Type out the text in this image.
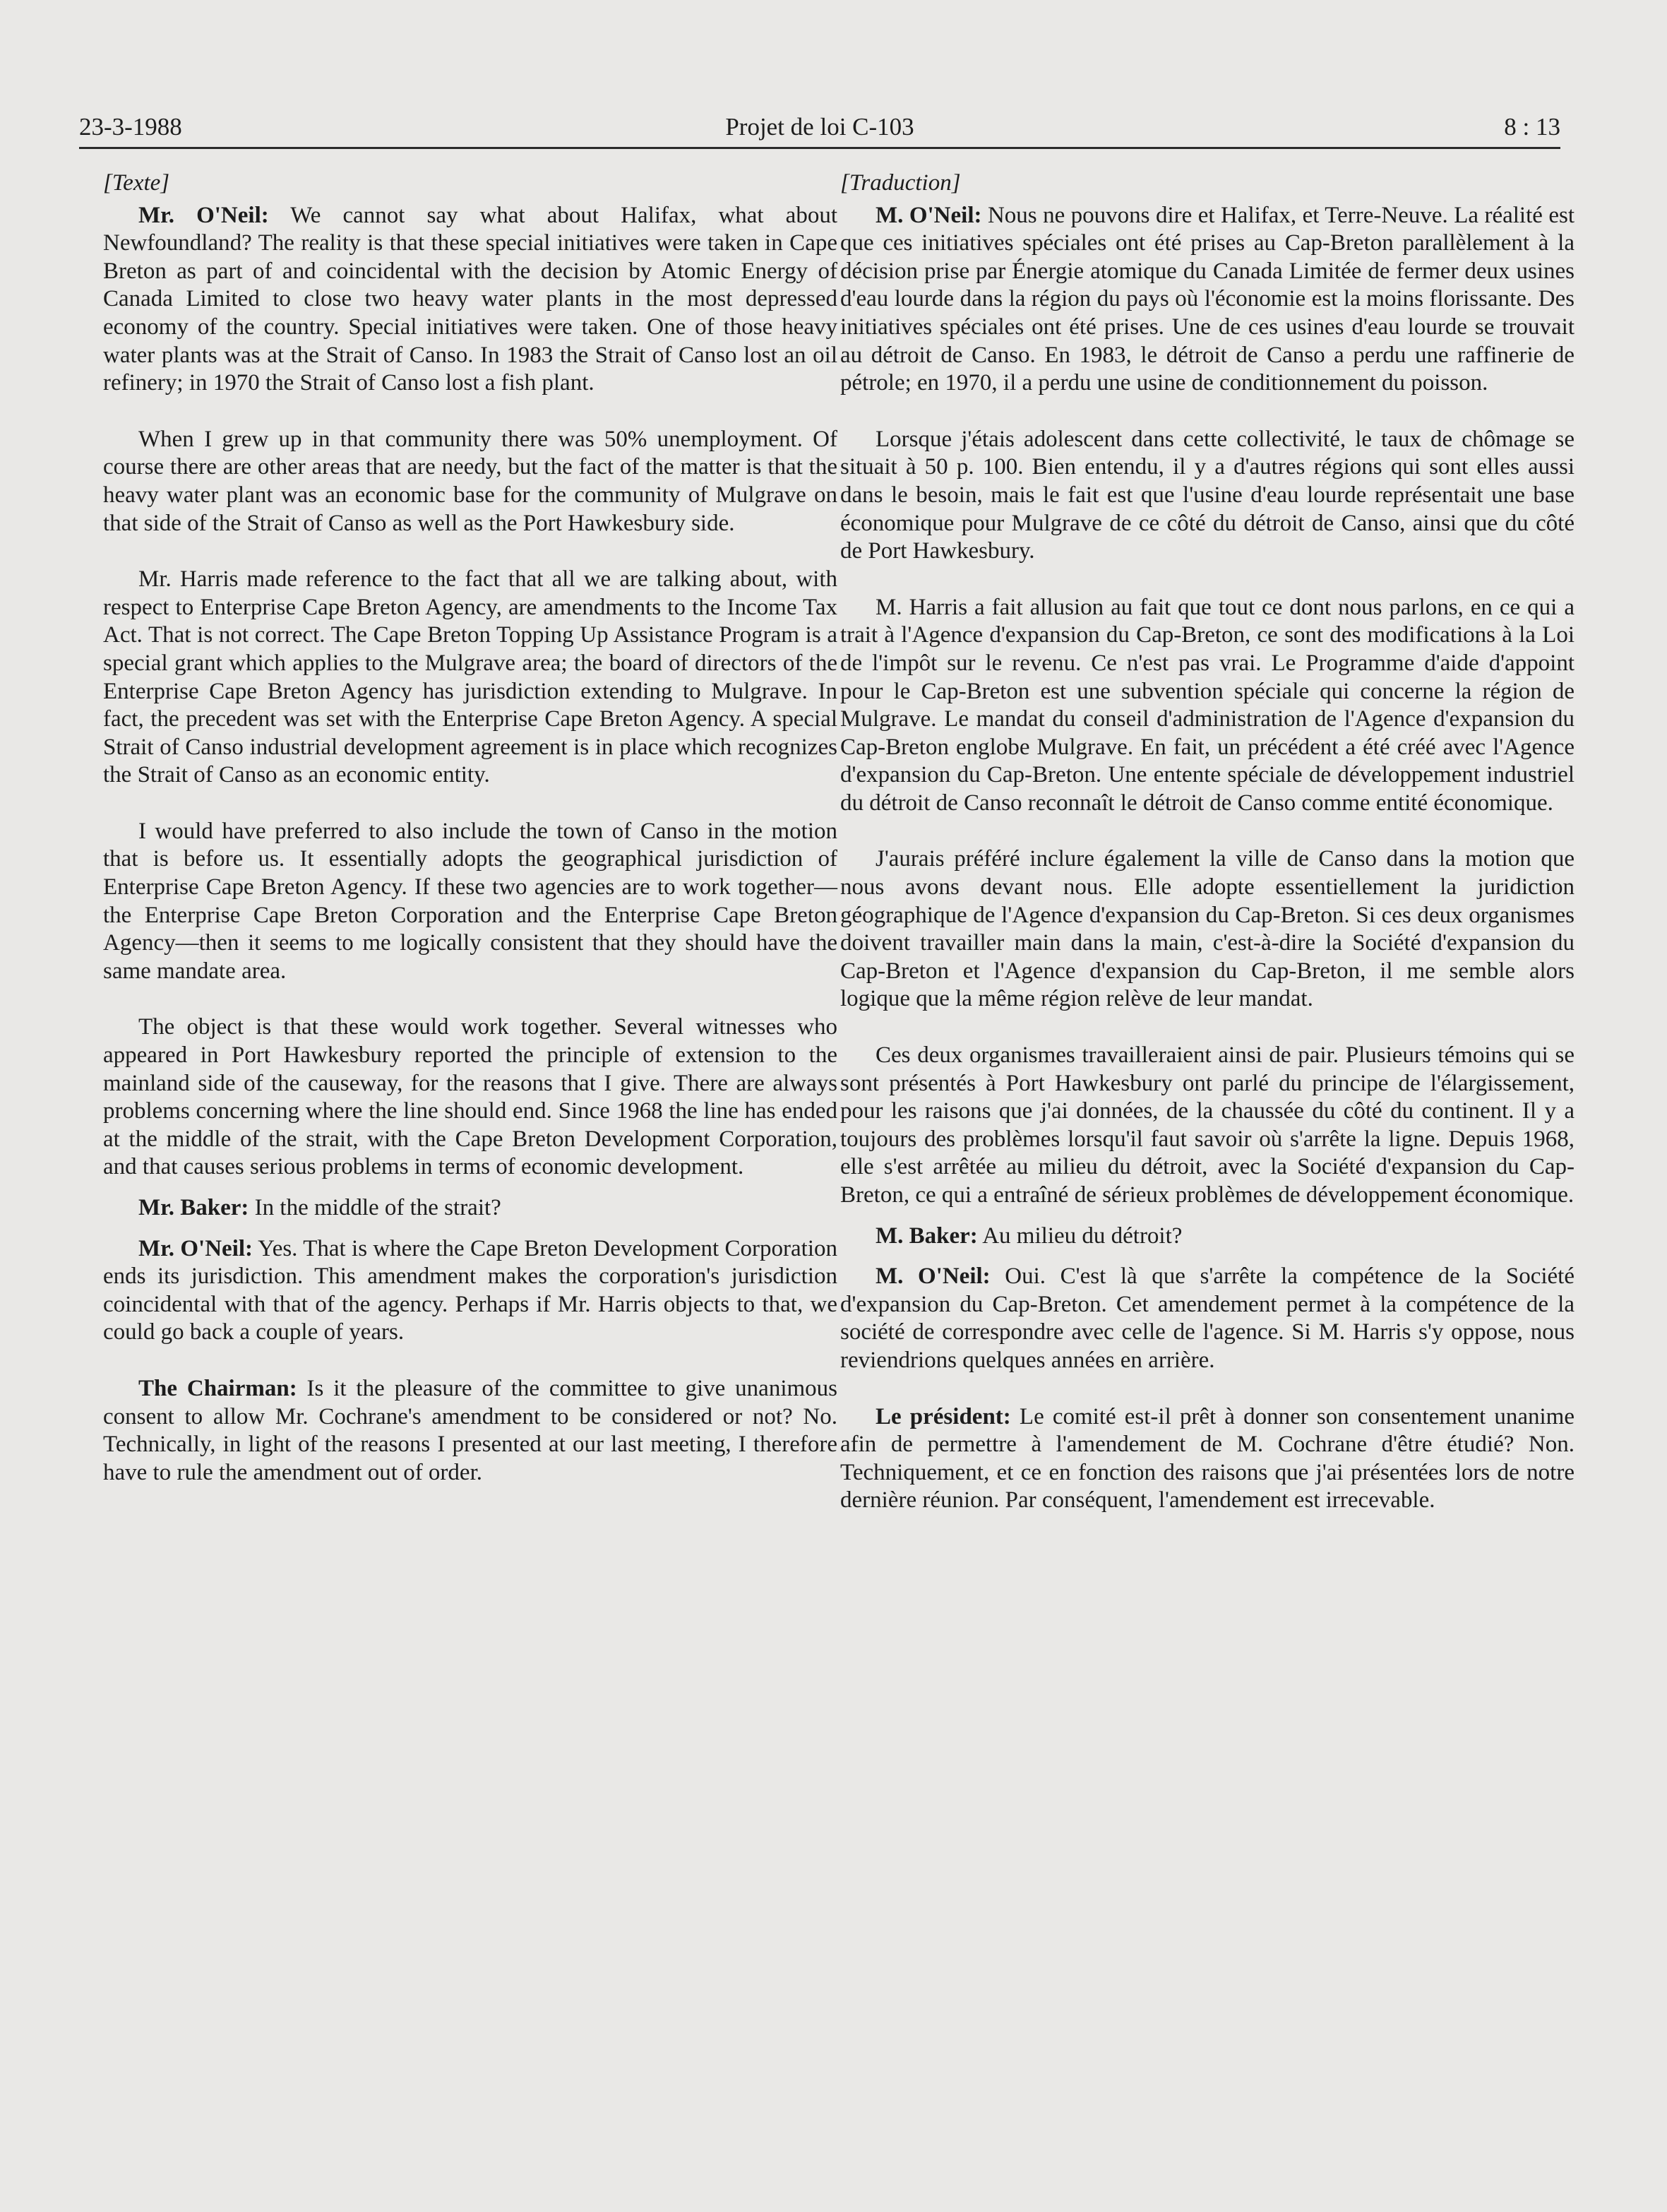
23-3-1988	Projet de loi C-103	8 : 13

[Texte]

Mr. O'Neil: We cannot say what about Halifax, what about Newfoundland? The reality is that these special initiatives were taken in Cape Breton as part of and coincidental with the decision by Atomic Energy of Canada Limited to close two heavy water plants in the most depressed economy of the country. Special initiatives were taken. One of those heavy water plants was at the Strait of Canso. In 1983 the Strait of Canso lost an oil refinery; in 1970 the Strait of Canso lost a fish plant.

When I grew up in that community there was 50% unemployment. Of course there are other areas that are needy, but the fact of the matter is that the heavy water plant was an economic base for the community of Mulgrave on that side of the Strait of Canso as well as the Port Hawkesbury side.

Mr. Harris made reference to the fact that all we are talking about, with respect to Enterprise Cape Breton Agency, are amendments to the Income Tax Act. That is not correct. The Cape Breton Topping Up Assistance Program is a special grant which applies to the Mulgrave area; the board of directors of the Enterprise Cape Breton Agency has jurisdiction extending to Mulgrave. In fact, the precedent was set with the Enterprise Cape Breton Agency. A special Strait of Canso industrial development agreement is in place which recognizes the Strait of Canso as an economic entity.

I would have preferred to also include the town of Canso in the motion that is before us. It essentially adopts the geographical jurisdiction of Enterprise Cape Breton Agency. If these two agencies are to work together—the Enterprise Cape Breton Corporation and the Enterprise Cape Breton Agency—then it seems to me logically consistent that they should have the same mandate area.

The object is that these would work together. Several witnesses who appeared in Port Hawkesbury reported the principle of extension to the mainland side of the causeway, for the reasons that I give. There are always problems concerning where the line should end. Since 1968 the line has ended at the middle of the strait, with the Cape Breton Development Corporation, and that causes serious problems in terms of economic development.

Mr. Baker: In the middle of the strait?

Mr. O'Neil: Yes. That is where the Cape Breton Development Corporation ends its jurisdiction. This amendment makes the corporation's jurisdiction coincidental with that of the agency. Perhaps if Mr. Harris objects to that, we could go back a couple of years.

The Chairman: Is it the pleasure of the committee to give unanimous consent to allow Mr. Cochrane's amendment to be considered or not? No. Technically, in light of the reasons I presented at our last meeting, I therefore have to rule the amendment out of order.

[Traduction]

M. O'Neil: Nous ne pouvons dire et Halifax, et Terre-Neuve. La réalité est que ces initiatives spéciales ont été prises au Cap-Breton parallèlement à la décision prise par Énergie atomique du Canada Limitée de fermer deux usines d'eau lourde dans la région du pays où l'économie est la moins florissante. Des initiatives spéciales ont été prises. Une de ces usines d'eau lourde se trouvait au détroit de Canso. En 1983, le détroit de Canso a perdu une raffinerie de pétrole; en 1970, il a perdu une usine de conditionnement du poisson.

Lorsque j'étais adolescent dans cette collectivité, le taux de chômage se situait à 50 p. 100. Bien entendu, il y a d'autres régions qui sont elles aussi dans le besoin, mais le fait est que l'usine d'eau lourde représentait une base économique pour Mulgrave de ce côté du détroit de Canso, ainsi que du côté de Port Hawkesbury.

M. Harris a fait allusion au fait que tout ce dont nous parlons, en ce qui a trait à l'Agence d'expansion du Cap-Breton, ce sont des modifications à la Loi de l'impôt sur le revenu. Ce n'est pas vrai. Le Programme d'aide d'appoint pour le Cap-Breton est une subvention spéciale qui concerne la région de Mulgrave. Le mandat du conseil d'administration de l'Agence d'expansion du Cap-Breton englobe Mulgrave. En fait, un précédent a été créé avec l'Agence d'expansion du Cap-Breton. Une entente spéciale de développement industriel du détroit de Canso reconnaît le détroit de Canso comme entité économique.

J'aurais préféré inclure également la ville de Canso dans la motion que nous avons devant nous. Elle adopte essentiellement la juridiction géographique de l'Agence d'expansion du Cap-Breton. Si ces deux organismes doivent travailler main dans la main, c'est-à-dire la Société d'expansion du Cap-Breton et l'Agence d'expansion du Cap-Breton, il me semble alors logique que la même région relève de leur mandat.

Ces deux organismes travailleraient ainsi de pair. Plusieurs témoins qui se sont présentés à Port Hawkesbury ont parlé du principe de l'élargissement, pour les raisons que j'ai données, de la chaussée du côté du continent. Il y a toujours des problèmes lorsqu'il faut savoir où s'arrête la ligne. Depuis 1968, elle s'est arrêtée au milieu du détroit, avec la Société d'expansion du Cap-Breton, ce qui a entraîné de sérieux problèmes de développement économique.

M. Baker: Au milieu du détroit?

M. O'Neil: Oui. C'est là que s'arrête la compétence de la Société d'expansion du Cap-Breton. Cet amendement permet à la compétence de la société de correspondre avec celle de l'agence. Si M. Harris s'y oppose, nous reviendrions quelques années en arrière.

Le président: Le comité est-il prêt à donner son consentement unanime afin de permettre à l'amendement de M. Cochrane d'être étudié? Non. Techniquement, et ce en fonction des raisons que j'ai présentées lors de notre dernière réunion. Par conséquent, l'amendement est irrecevable.
